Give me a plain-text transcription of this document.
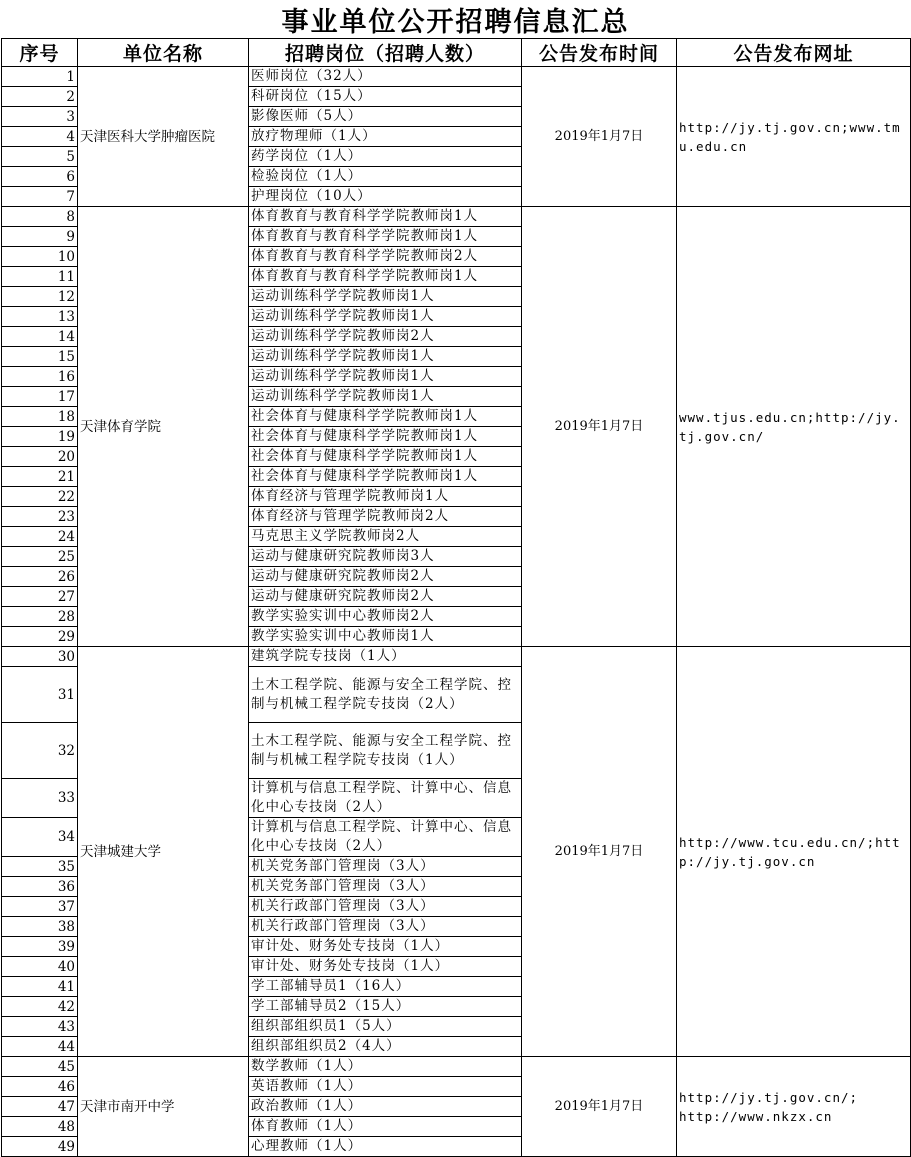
事业单位公开招聘信息汇总
序号	单位名称	招聘岗位（招聘人数）	公告发布时间	公告发布网址
1	天津医科大学肿瘤医院	医师岗位（32人）	2019年1月7日	http://jy.tj.gov.cn;www.tmu.edu.cn
2		科研岗位（15人）		
3		影像医师（5人）		
4		放疗物理师（1人）		
5		药学岗位（1人）		
6		检验岗位（1人）		
7		护理岗位（10人）		
8	天津体育学院	体育教育与教育科学学院教师岗1人	2019年1月7日	www.tjus.edu.cn;http://jy.tj.gov.cn/
9		体育教育与教育科学学院教师岗1人		
10		体育教育与教育科学学院教师岗2人		
11		体育教育与教育科学学院教师岗1人		
12		运动训练科学学院教师岗1人		
13		运动训练科学学院教师岗1人		
14		运动训练科学学院教师岗2人		
15		运动训练科学学院教师岗1人		
16		运动训练科学学院教师岗1人		
17		运动训练科学学院教师岗1人		
18		社会体育与健康科学学院教师岗1人		
19		社会体育与健康科学学院教师岗1人		
20		社会体育与健康科学学院教师岗1人		
21		社会体育与健康科学学院教师岗1人		
22		体育经济与管理学院教师岗1人		
23		体育经济与管理学院教师岗2人		
24		马克思主义学院教师岗2人		
25		运动与健康研究院教师岗3人		
26		运动与健康研究院教师岗2人		
27		运动与健康研究院教师岗2人		
28		教学实验实训中心教师岗2人		
29		教学实验实训中心教师岗1人		
30	天津城建大学	建筑学院专技岗（1人）	2019年1月7日	http://www.tcu.edu.cn/;http://jy.tj.gov.cn
31		土木工程学院、能源与安全工程学院、控制与机械工程学院专技岗（2人）		
32		土木工程学院、能源与安全工程学院、控制与机械工程学院专技岗（1人）		
33		计算机与信息工程学院、计算中心、信息化中心专技岗（2人）		
34		计算机与信息工程学院、计算中心、信息化中心专技岗（2人）		
35		机关党务部门管理岗（3人）		
36		机关党务部门管理岗（3人）		
37		机关行政部门管理岗（3人）		
38		机关行政部门管理岗（3人）		
39		审计处、财务处专技岗（1人）		
40		审计处、财务处专技岗（1人）		
41		学工部辅导员1（16人）		
42		学工部辅导员2（15人）		
43		组织部组织员1（5人）		
44		组织部组织员2（4人）		
45	天津市南开中学	数学教师（1人）	2019年1月7日	http://jy.tj.gov.cn/;
http://www.nkzx.cn
46		英语教师（1人）		
47		政治教师（1人）		
48		体育教师（1人）		
49		心理教师（1人）		
